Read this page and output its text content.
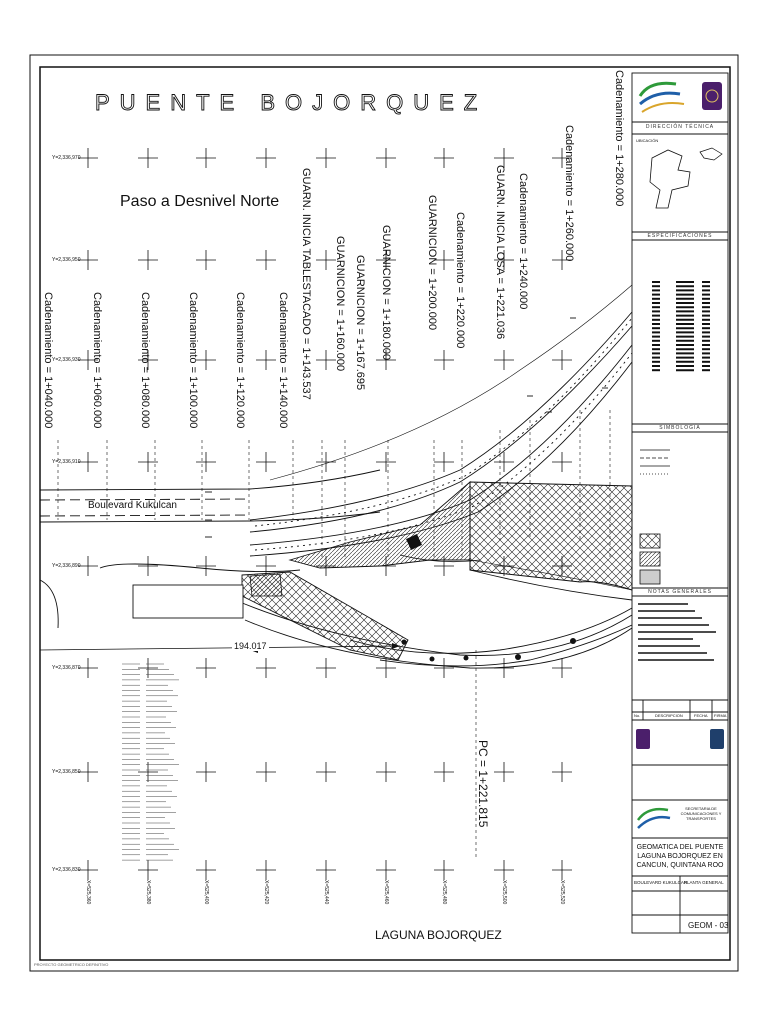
PUENTE BOJORQUEZ
Paso a Desnivel Norte
Boulevard Kukulcan
LAGUNA BOJORQUEZ
194.017
PROYECTO GEOMETRICO DEFINITIVO
Cadenamiento = 1+040.000	Cadenamiento = 1+060.000	Cadenamiento = 1+080.000	Cadenamiento = 1+100.000	Cadenamiento = 1+120.000	Cadenamiento = 1+140.000 GUARN. INICIA TABLESTACADO = 1+143.537 GUARNICION = 1+160.000 GUARNICION = 1+167.695 GUARNICION = 1+180.000	GUARNICION = 1+200.000 Cadenamiento = 1+220.000	GUARN. INICIA LOSA = 1+221.036 Cadenamiento = 1+240.000	Cadenamiento = 1+260.000	Cadenamiento = 1+280.000
PC = 1+221.815
Y=2,336,970
Y=2,336,950
Y=2,336,930
Y=2,336,910
Y=2,336,890
Y=2,336,870
Y=2,336,850
Y=2,336,830
X=525,360	X=525,380	X=525,400	X=525,420	X=525,440	X=525,460	X=525,480	X=525,500	X=525,520
DIRECCIÓN TÉCNICA
UBICACIÓN
ESPECIFICACIONES
SIMBOLOGIA
NOTAS GENERALES
No.	DESCRIPCION	FECHA FIRMA
SECRETARIA DE COMUNICACIONES Y TRANSPORTES
GEOMATICA DEL PUENTE LAGUNA BOJORQUEZ EN CANCUN, QUINTANA ROO
BOULEVARD KUKULCAN
PLANTA GENERAL
GEOM - 03
